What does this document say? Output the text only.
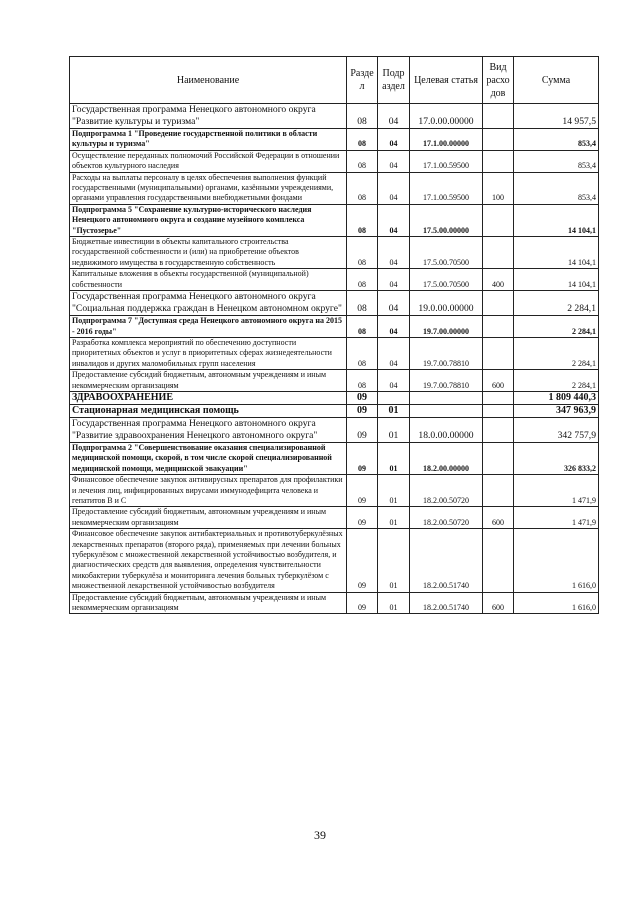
Наименование	Разде л	Подр аздел	Целевая статья	Вид расхо дов	Сумма
Государственная программа Ненецкого автономного округа "Развитие культуры и туризма"	08	04	17.0.00.00000		14 957,5
Подпрограмма 1 "Проведение государственной политики в области культуры и туризма"	08	04	17.1.00.00000		853,4
Осуществление переданных полномочий Российской Федерации в отношении объектов культурного наследия	08	04	17.1.00.59500		853,4
Расходы на выплаты персоналу в целях обеспечения выполнения функций государственными (муниципальными) органами, казёнными учреждениями, органами управления государственными внебюджетными фондами	08	04	17.1.00.59500	100	853,4
Подпрограмма 5 "Сохранение культурно-исторического наследия Ненецкого автономного округа и создание музейного комплекса "Пустозерье"	08	04	17.5.00.00000		14 104,1
Бюджетные инвестиции в объекты капитального строительства государственной собственности и (или) на приобретение объектов недвижимого имущества в государственную собственность	08	04	17.5.00.70500		14 104,1
Капитальные вложения в объекты государственной (муниципальной) собственности	08	04	17.5.00.70500	400	14 104,1
Государственная программа Ненецкого автономного округа "Социальная поддержка граждан в Ненецком автономном округе"	08	04	19.0.00.00000		2 284,1
Подпрограмма 7 "Доступная среда Ненецкого автономного округа на 2015 - 2016 годы"	08	04	19.7.00.00000		2 284,1
Разработка комплекса мероприятий по обеспечению доступности приоритетных объектов и услуг в приоритетных сферах жизнедеятельности инвалидов и других маломобильных групп населения	08	04	19.7.00.78810		2 284,1
Предоставление субсидий бюджетным, автономным учреждениям и иным некоммерческим организациям	08	04	19.7.00.78810	600	2 284,1
ЗДРАВООХРАНЕНИЕ	09				1 809 440,3
Стационарная медицинская помощь	09	01			347 963,9
Государственная программа Ненецкого автономного округа "Развитие здравоохранения Ненецкого автономного округа"	09	01	18.0.00.00000		342 757,9
Подпрограмма 2 "Совершенствование оказания специализированной медицинской помощи, скорой, в том числе скорой специализированной медицинской помощи, медицинской эвакуации"	09	01	18.2.00.00000		326 833,2
Финансовое обеспечение закупок антивирусных препаратов для профилактики и лечения лиц, инфицированных вирусами иммунодефицита человека и гепатитов В и С	09	01	18.2.00.50720		1 471,9
Предоставление субсидий бюджетным, автономным учреждениям и иным некоммерческим организациям	09	01	18.2.00.50720	600	1 471,9
Финансовое обеспечение закупок антибактериальных и противотуберкулёзных лекарственных препаратов (второго ряда), применяемых при лечении больных туберкулёзом с множественной лекарственной устойчивостью возбудителя, и диагностических средств для выявления, определения чувствительности микобактерии туберкулёза и мониторинга лечения больных туберкулёзом с множественной лекарственной устойчивостью возбудителя	09	01	18.2.00.51740		1 616,0
Предоставление субсидий бюджетным, автономным учреждениям и иным некоммерческим организациям	09	01	18.2.00.51740	600	1 616,0
39
